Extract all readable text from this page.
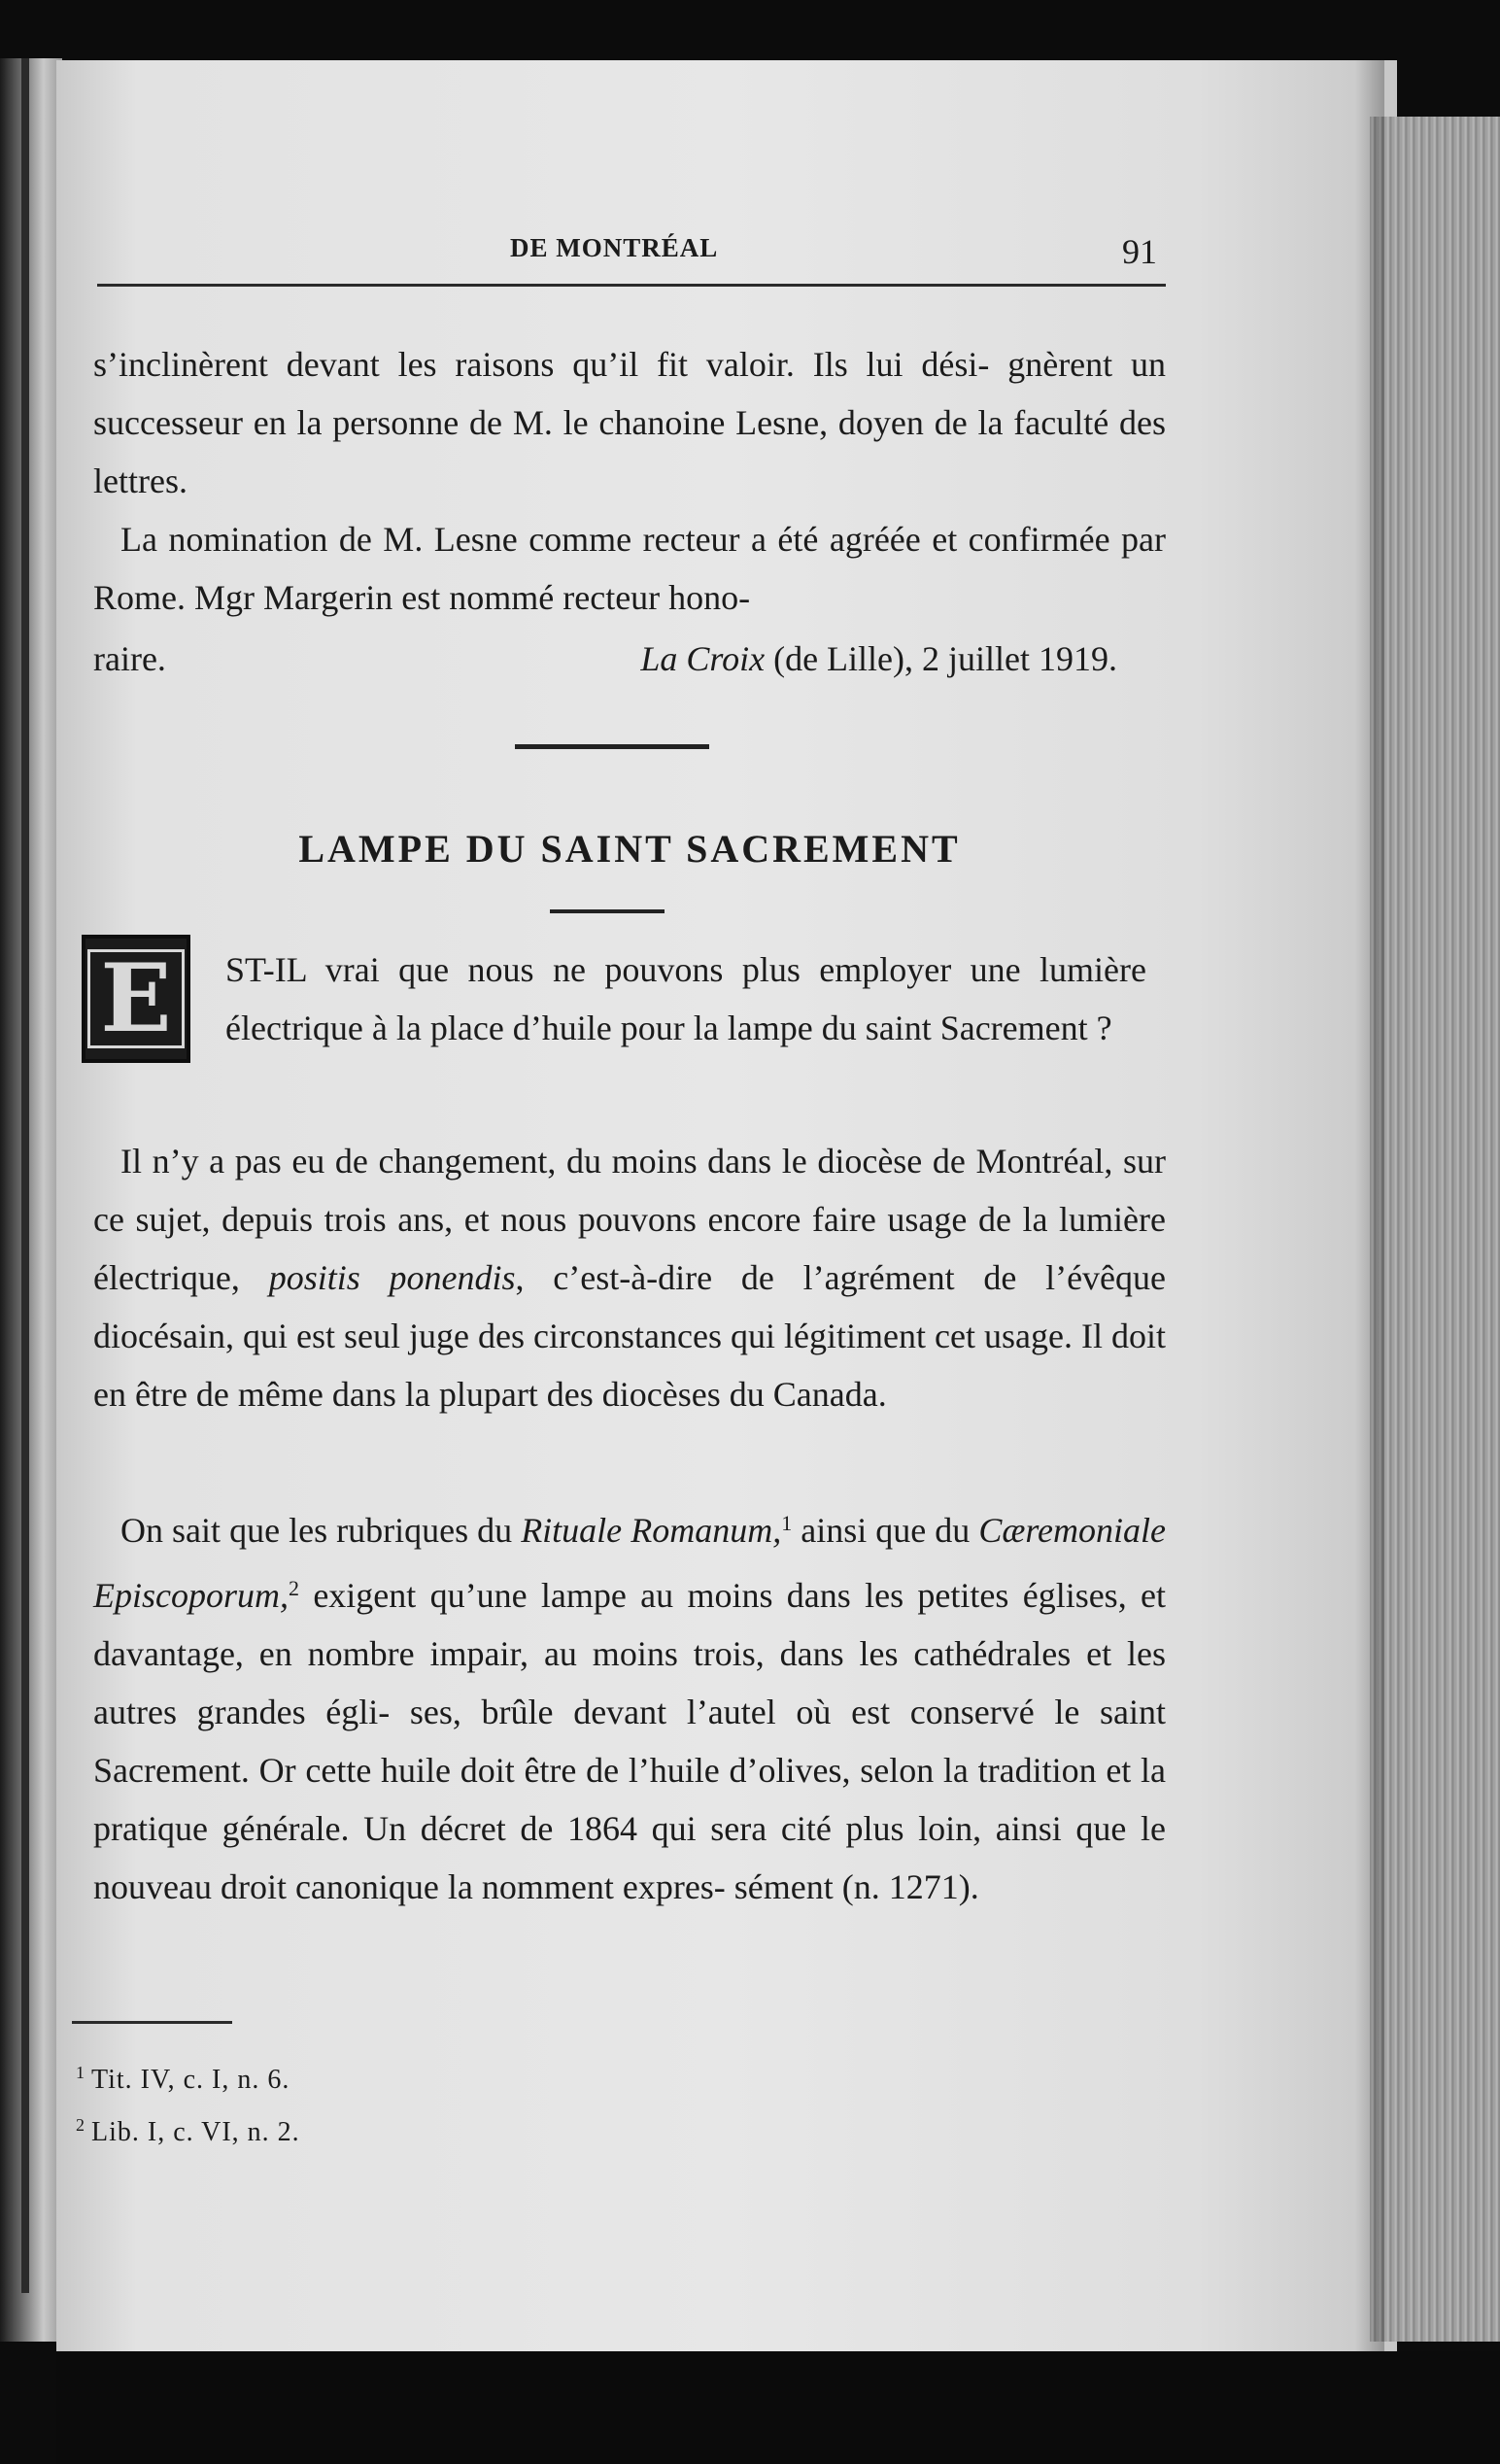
DE MONTRÉAL	91
s’inclinèrent devant les raisons qu’il fit valoir. Ils lui dési- gnèrent un successeur en la personne de M. le chanoine Lesne, doyen de la faculté des lettres.
La nomination de M. Lesne comme recteur a été agréée et confirmée par Rome. Mgr Margerin est nommé recteur hono-
raire.	La Croix (de Lille), 2 juillet 1919.
LAMPE DU SAINT SACREMENT
E	ST-IL vrai que nous ne pouvons plus employer une lumière électrique à la place d’huile pour la lampe du saint Sacrement ?
Il n’y a pas eu de changement, du moins dans le diocèse de Montréal, sur ce sujet, depuis trois ans, et nous pouvons encore faire usage de la lumière électrique, positis ponendis, c’est-à-dire de l’agrément de l’évêque diocésain, qui est seul juge des circonstances qui légitiment cet usage. Il doit en être de même dans la plupart des diocèses du Canada.
On sait que les rubriques du Rituale Romanum,$^1$ ainsi que du Cæremoniale Episcoporum,$^2$ exigent qu’une lampe au moins dans les petites églises, et davantage, en nombre impair, au moins trois, dans les cathédrales et les autres grandes égli- ses, brûle devant l’autel où est conservé le saint Sacrement. Or cette huile doit être de l’huile d’olives, selon la tradition et la pratique générale. Un décret de 1864 qui sera cité plus loin, ainsi que le nouveau droit canonique la nomment expres- sément (n. 1271).
$^1$ Tit. IV, c. I, n. 6.
$^2$ Lib. I, c. VI, n. 2.
